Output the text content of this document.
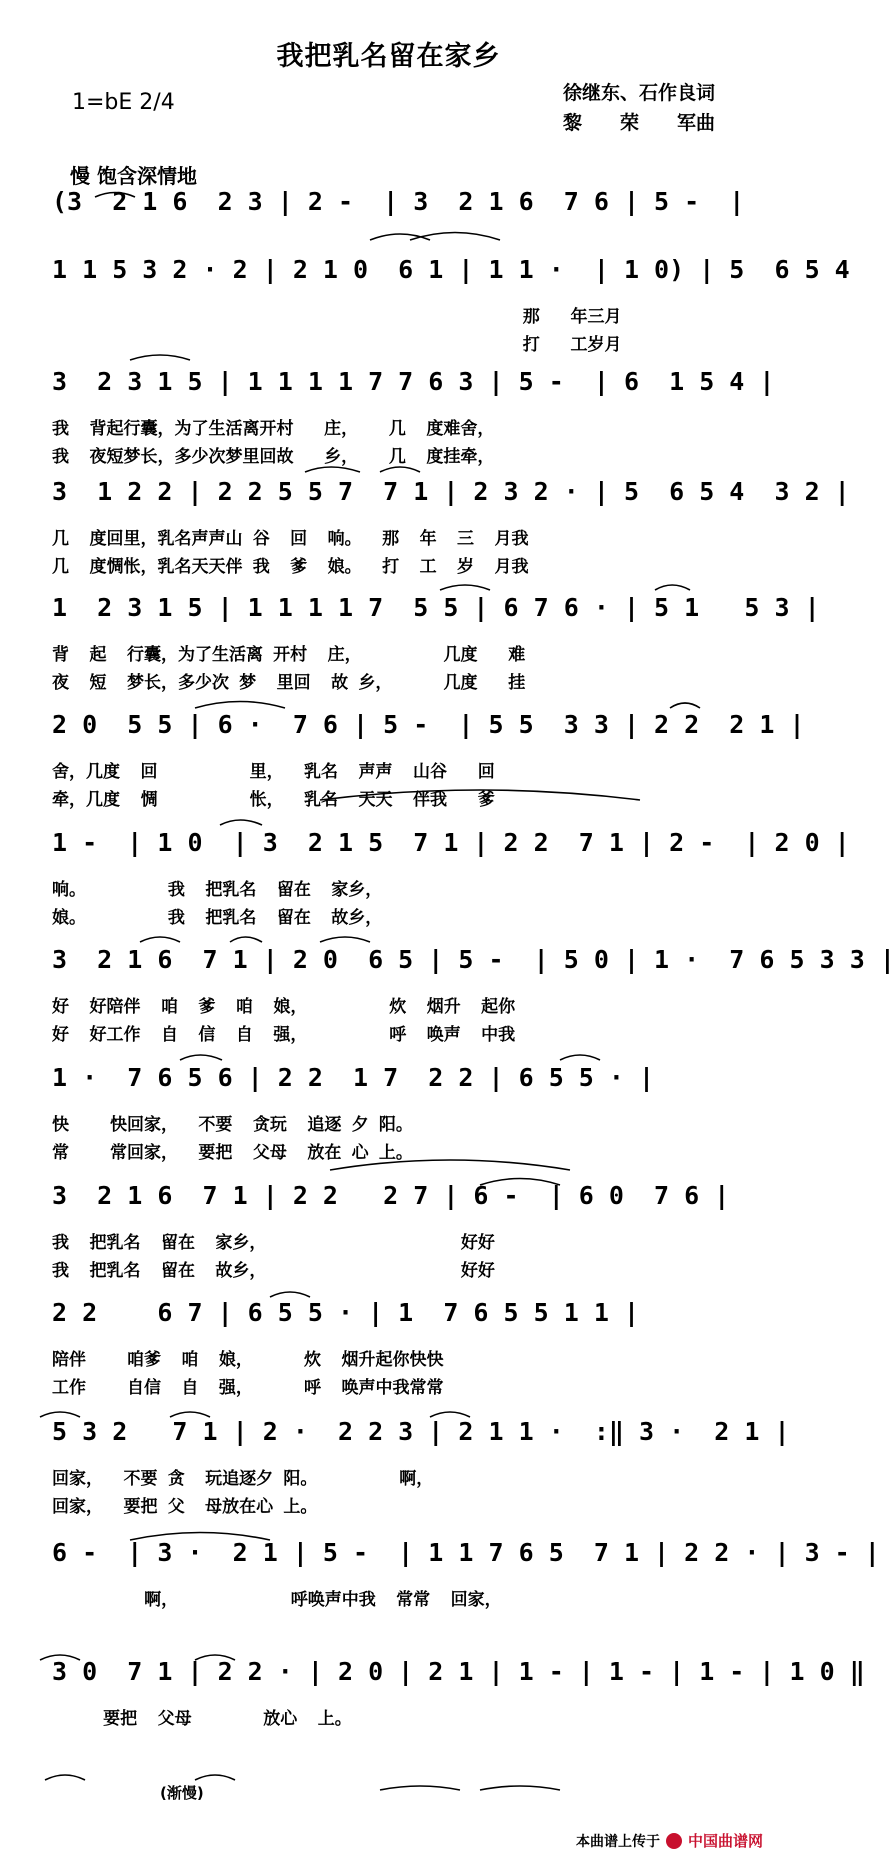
我把乳名留在家乡
1=bE 2/4	徐继东、石作良词
黎　　荣　　军曲
慢 饱含深情地
(3  2 1 6  2 3 | 2 -  | 3  2 1 6  7 6 | 5 -  |
1 1 5 3 2 · 2 | 2 1 0  6 1 | 1 1 ·  | 1 0) | 5  6 5 4
那   年三月
打   工岁月
3  2 3 1 5 | 1 1 1 1 7 7 6 3 | 5 -  | 6  1 5 4 |
我  背起行囊，为了生活离开村   庄，   几  度难舍，
我  夜短梦长，多少次梦里回故   乡，   几  度挂牵，
3  1 2 2 | 2 2 5 5 7  7 1 | 2 3 2 · | 5  6 5 4  3 2 |
几  度回里，乳名声声山 谷  回  响。  那  年  三  月我
几  度惆怅，乳名天天伴 我  爹  娘。  打  工  岁  月我
1  2 3 1 5 | 1 1 1 1 7  5 5 | 6 7 6 · | 5 1   5 3 |
背  起  行囊，为了生活离 开村  庄，        几度   难
夜  短  梦长，多少次 梦  里回  故 乡，     几度   挂
2 0  5 5 | 6 ·  7 6 | 5 -  | 5 5  3 3 | 2 2  2 1 |
舍，几度  回         里，  乳名  声声  山谷   回
牵，几度  惆         怅，  乳名  天天  伴我   爹
1 -  | 1 0  | 3  2 1 5  7 1 | 2 2  7 1 | 2 -  | 2 0 |
响。        我  把乳名  留在  家乡，
娘。        我  把乳名  留在  故乡，
3  2 1 6  7 1 | 2 0  6 5 | 5 -  | 5 0 | 1 ·  7 6 5 3 3 |
好  好陪伴  咱  爹  咱  娘，        炊  烟升  起你
好  好工作  自  信  自  强，        呼  唤声  中我
1 ·  7 6 5 6 | 2 2  1 7  2 2 | 6 5 5 · |
快    快回家，  不要  贪玩  追逐 夕 阳。
常    常回家，  要把  父母  放在 心 上。
3  2 1 6  7 1 | 2 2   2 7 | 6 -  | 6 0  7 6 |
我  把乳名  留在  家乡，                   好好
我  把乳名  留在  故乡，                   好好
2 2    6 7 | 6 5 5 · | 1  7 6 5 5 1 1 |
陪伴    咱爹  咱  娘，     炊  烟升起你快快
工作    自信  自  强，     呼  唤声中我常常
5 3 2   7 1 | 2 ·  2 2 3 | 2 1 1 ·  :‖ 3 ·  2 1 |
回家，  不要 贪  玩追逐夕 阳。        啊，
回家，  要把 父  母放在心 上。
6 -  | 3 ·  2 1 | 5 -  | 1 1 7 6 5  7 1 | 2 2 · | 3 - |
啊，           呼唤声中我  常常  回家，
3 0  7 1 | 2 2 · | 2 0 | 2 1 | 1 - | 1 - | 1 - | 1 0 ‖
要把  父母       放心  上。
(渐慢)
本曲谱上传于 中国曲谱网
